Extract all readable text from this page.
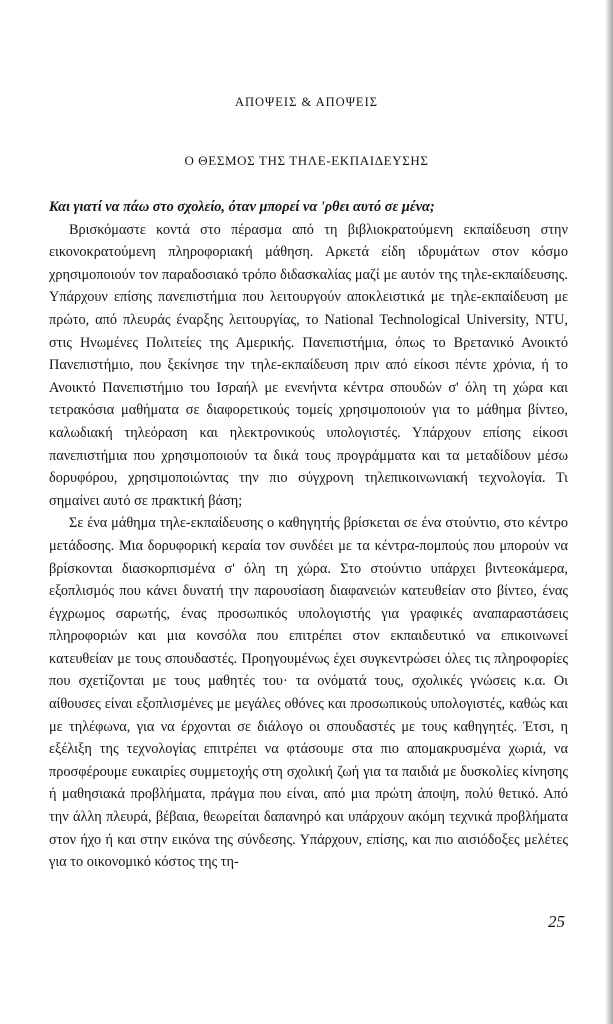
ΑΠΟΨΕΙΣ & ΑΠΟΨΕΙΣ
Ο ΘΕΣΜΟΣ ΤΗΣ ΤΗΛΕ-ΕΚΠΑΙΔΕΥΣΗΣ

Και γιατί να πάω στο σχολείο, όταν μπορεί να 'ρθει αυτό σε μένα;

Βρισκόμαστε κοντά στο πέρασμα από τη βιβλιοκρατούμενη εκπαίδευση στην εικονοκρατούμενη πληροφοριακή μάθηση. Αρκετά είδη ιδρυμάτων στον κόσμο χρησιμοποιούν τον παραδοσιακό τρόπο διδασκαλίας μαζί με αυτόν της τηλε-εκπαίδευσης. Υπάρχουν επίσης πανεπιστήμια που λειτουργούν αποκλειστικά με τηλε-εκπαίδευση με πρώτο, από πλευράς έναρξης λειτουργίας, το National Technological University, NTU, στις Ηνωμένες Πολιτείες της Αμερικής. Πανεπιστήμια, όπως το Βρετανικό Ανοικτό Πανεπιστήμιο, που ξεκίνησε την τηλε-εκπαίδευση πριν από είκοσι πέντε χρόνια, ή το Ανοικτό Πανεπιστήμιο του Ισραήλ με ενενήντα κέντρα σπουδών σ' όλη τη χώρα και τετρακόσια μαθήματα σε διαφορετικούς τομείς χρησιμοποιούν για το μάθημα βίντεο, καλωδιακή τηλεόραση και ηλεκτρονικούς υπολογιστές. Υπάρχουν επίσης είκοσι πανεπιστήμια που χρησιμοποιούν τα δικά τους προγράμματα και τα μεταδίδουν μέσω δορυφόρου, χρησιμοποιώντας την πιο σύγχρονη τηλεπικοινωνιακή τεχνολογία. Τι σημαίνει αυτό σε πρακτική βάση;

Σε ένα μάθημα τηλε-εκπαίδευσης ο καθηγητής βρίσκεται σε ένα στούντιο, στο κέντρο μετάδοσης. Μια δορυφορική κεραία τον συνδέει με τα κέντρα-πομπούς που μπορούν να βρίσκονται διασκορπισμένα σ' όλη τη χώρα. Στο στούντιο υπάρχει βιντεοκάμερα, εξοπλισμός που κάνει δυνατή την παρουσίαση διαφανειών κατευθείαν στο βίντεο, ένας έγχρωμος σαρωτής, ένας προσωπικός υπολογιστής για γραφικές αναπαραστάσεις πληροφοριών και μια κονσόλα που επιτρέπει στον εκπαιδευτικό να επικοινωνεί κατευθείαν με τους σπουδαστές. Προηγουμένως έχει συγκεντρώσει όλες τις πληροφορίες που σχετίζονται με τους μαθητές του· τα ονόματά τους, σχολικές γνώσεις κ.α. Οι αίθουσες είναι εξοπλισμένες με μεγάλες οθόνες και προσωπικούς υπολογιστές, καθώς και με τηλέφωνα, για να έρχονται σε διάλογο οι σπουδαστές με τους καθηγητές. Έτσι, η εξέλιξη της τεχνολογίας επιτρέπει να φτάσουμε στα πιο απομακρυσμένα χωριά, να προσφέρουμε ευκαιρίες συμμετοχής στη σχολική ζωή για τα παιδιά με δυσκολίες κίνησης ή μαθησιακά προβλήματα, πράγμα που είναι, από μια πρώτη άποψη, πολύ θετικό. Από την άλλη πλευρά, βέβαια, θεωρείται δαπανηρό και υπάρχουν ακόμη τεχνικά προβλήματα στον ήχο ή και στην εικόνα της σύνδεσης. Υπάρχουν, επίσης, και πιο αισιόδοξες μελέτες για το οικονομικό κόστος της τη-

25
